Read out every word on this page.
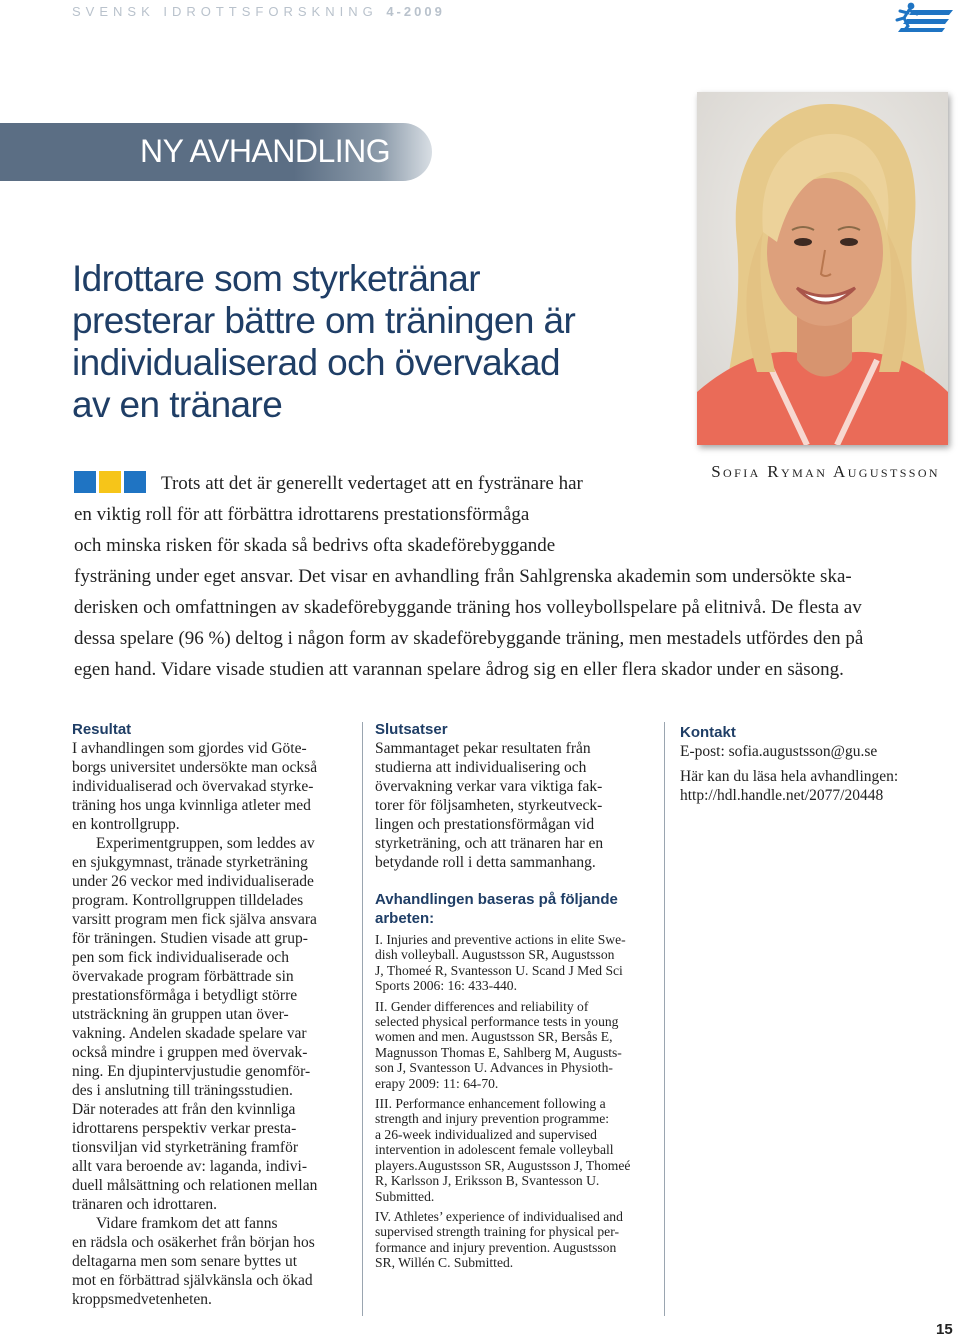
SVENSK IDROTTSFORSKNING 4-2009
NY AVHANDLING
Idrottare som styrketränar
presterar bättre om träningen är
individualiserad och övervakad
av en tränare
Sofia Ryman Augustsson

Trots att det är generellt vedertaget att en fystränare har
en viktig roll för att förbättra idrottarens prestationsförmåga
och minska risken för skada så bedrivs ofta skadeförebyggande
fysträning under eget ansvar. Det visar en avhandling från Sahlgrenska akademin som undersökte ska-
derisken och omfattningen av skadeförebyggande träning hos volleybollspelare på elitnivå. De flesta av
dessa spelare (96 %) deltog i någon form av skadeförebyggande träning, men mestadels utfördes den på
egen hand. Vidare visade studien att varannan spelare ådrog sig en eller flera skador under en säsong.

Resultat

I avhandlingen som gjordes vid Göte-
borgs universitet undersökte man också
individualiserad och övervakad styrke-
träning hos unga kvinnliga atleter med
en kontrollgrupp.

Experimentgruppen, som leddes av
en sjukgymnast, tränade styrketräning
under 26 veckor med individualiserade
program. Kontrollgruppen tilldelades
varsitt program men fick själva ansvara
för träningen. Studien visade att grup-
pen som fick individualiserade och
övervakade program förbättrade sin
prestationsförmåga i betydligt större
utsträckning än gruppen utan över-
vakning. Andelen skadade spelare var
också mindre i gruppen med övervak-
ning. En djupintervjustudie genomför-
des i anslutning till träningsstudien.
Där noterades att från den kvinnliga
idrottarens perspektiv verkar presta-
tionsviljan vid styrketräning framför
allt vara beroende av: laganda, indivi-
duell målsättning och relationen mellan
tränaren och idrottaren.

Vidare framkom det att fanns
en rädsla och osäkerhet från början hos
deltagarna men som senare byttes ut
mot en förbättrad självkänsla och ökad
kroppsmedvetenheten.

Slutsatser

Sammantaget pekar resultaten från
studierna att individualisering och
övervakning verkar vara viktiga fak-
torer för följsamheten, styrkeutveck-
lingen och prestationsförmågan vid
styrketräning, och att tränaren har en
betydande roll i detta sammanhang.

Avhandlingen baseras på följande
arbeten:

I. Injuries and preventive actions in elite Swe-
dish volleyball. Augustsson SR, Augustsson
J, Thomeé R, Svantesson U. Scand J Med Sci
Sports 2006: 16: 433-440.

II. Gender differences and reliability of
selected physical performance tests in young
women and men. Augustsson SR, Bersås E,
Magnusson Thomas E, Sahlberg M, Augusts-
son J, Svantesson U. Advances in Physioth-
erapy 2009: 11: 64-70.

III. Performance enhancement following a
strength and injury prevention programme:
a 26-week individualized and supervised
intervention in adolescent female volleyball
players.Augustsson SR, Augustsson J, Thomeé
R, Karlsson J, Eriksson B, Svantesson U.
Submitted.

IV. Athletes’ experience of individualised and
supervised strength training for physical per-
formance and injury prevention. Augustsson
SR, Willén C. Submitted.

Kontakt

E-post: sofia.augustsson@gu.se

Här kan du läsa hela avhandlingen:

http://hdl.handle.net/2077/20448

15
